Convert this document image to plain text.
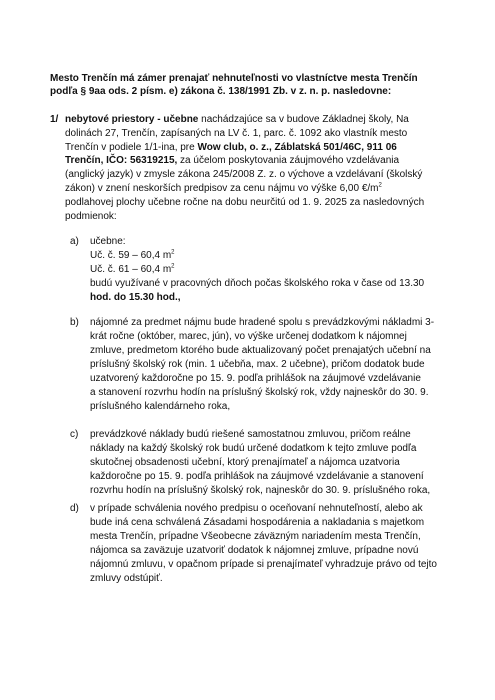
Mesto Trenčín má zámer prenajať nehnuteľnosti vo vlastníctve mesta Trenčín
podľa § 9aa ods. 2 písm. e) zákona č. 138/1991 Zb. v z. n. p. nasledovne:
1/ nebytové priestory - učebne nachádzajúce sa v budove Základnej školy, Na
dolinách 27, Trenčín, zapísaných na LV č. 1, parc. č. 1092 ako vlastník mesto
Trenčín v podiele 1/1-ina, pre Wow club, o. z., Záblatská 501/46C, 911 06
Trenčín, IČO: 56319215, za účelom poskytovania záujmového vzdelávania
(anglický jazyk) v zmysle zákona 245/2008 Z. z. o výchove a vzdelávaní (školský
zákon) v znení neskorších predpisov za cenu nájmu vo výške 6,00 $€/m^2$
podlahovej plochy učebne ročne na dobu neurčitú od 1. 9. 2025 za nasledovných
podmienok:
a) učebne:
Uč. č. 59 – 60,4 $m^2$
Uč. č. 61 – 60,4 $m^2$
budú využívané v pracovných dňoch počas školského roka v čase od 13.30
hod. do 15.30 hod.,
b) nájomné za predmet nájmu bude hradené spolu s prevádzkovými nákladmi 3-
krát ročne (október, marec, jún), vo výške určenej dodatkom k nájomnej
zmluve, predmetom ktorého bude aktualizovaný počet prenajatých učební na
príslušný školský rok (min. 1 učebňa, max. 2 učebne), pričom dodatok bude
uzatvorený každoročne po 15. 9. podľa prihlášok na záujmové vzdelávanie
a stanovení rozvrhu hodín na príslušný školský rok, vždy najneskôr do 30. 9.
príslušného kalendárneho roka,
c) prevádzkové náklady budú riešené samostatnou zmluvou, pričom reálne
náklady na každý školský rok budú určené dodatkom k tejto zmluve podľa
skutočnej obsadenosti učební, ktorý prenajímateľ a nájomca uzatvoria
každoročne po 15. 9. podľa prihlášok na záujmové vzdelávanie a stanovení
rozvrhu hodín na príslušný školský rok, najneskôr do 30. 9. príslušného roka,
d) v prípade schválenia nového predpisu o oceňovaní nehnuteľností, alebo ak
bude iná cena schválená Zásadami hospodárenia a nakladania s majetkom
mesta Trenčín, prípadne Všeobecne záväzným nariadením mesta Trenčín,
nájomca sa zaväzuje uzatvoriť dodatok k nájomnej zmluve, prípadne novú
nájomnú zmluvu, v opačnom prípade si prenajímateľ vyhradzuje právo od tejto
zmluvy odstúpiť.
